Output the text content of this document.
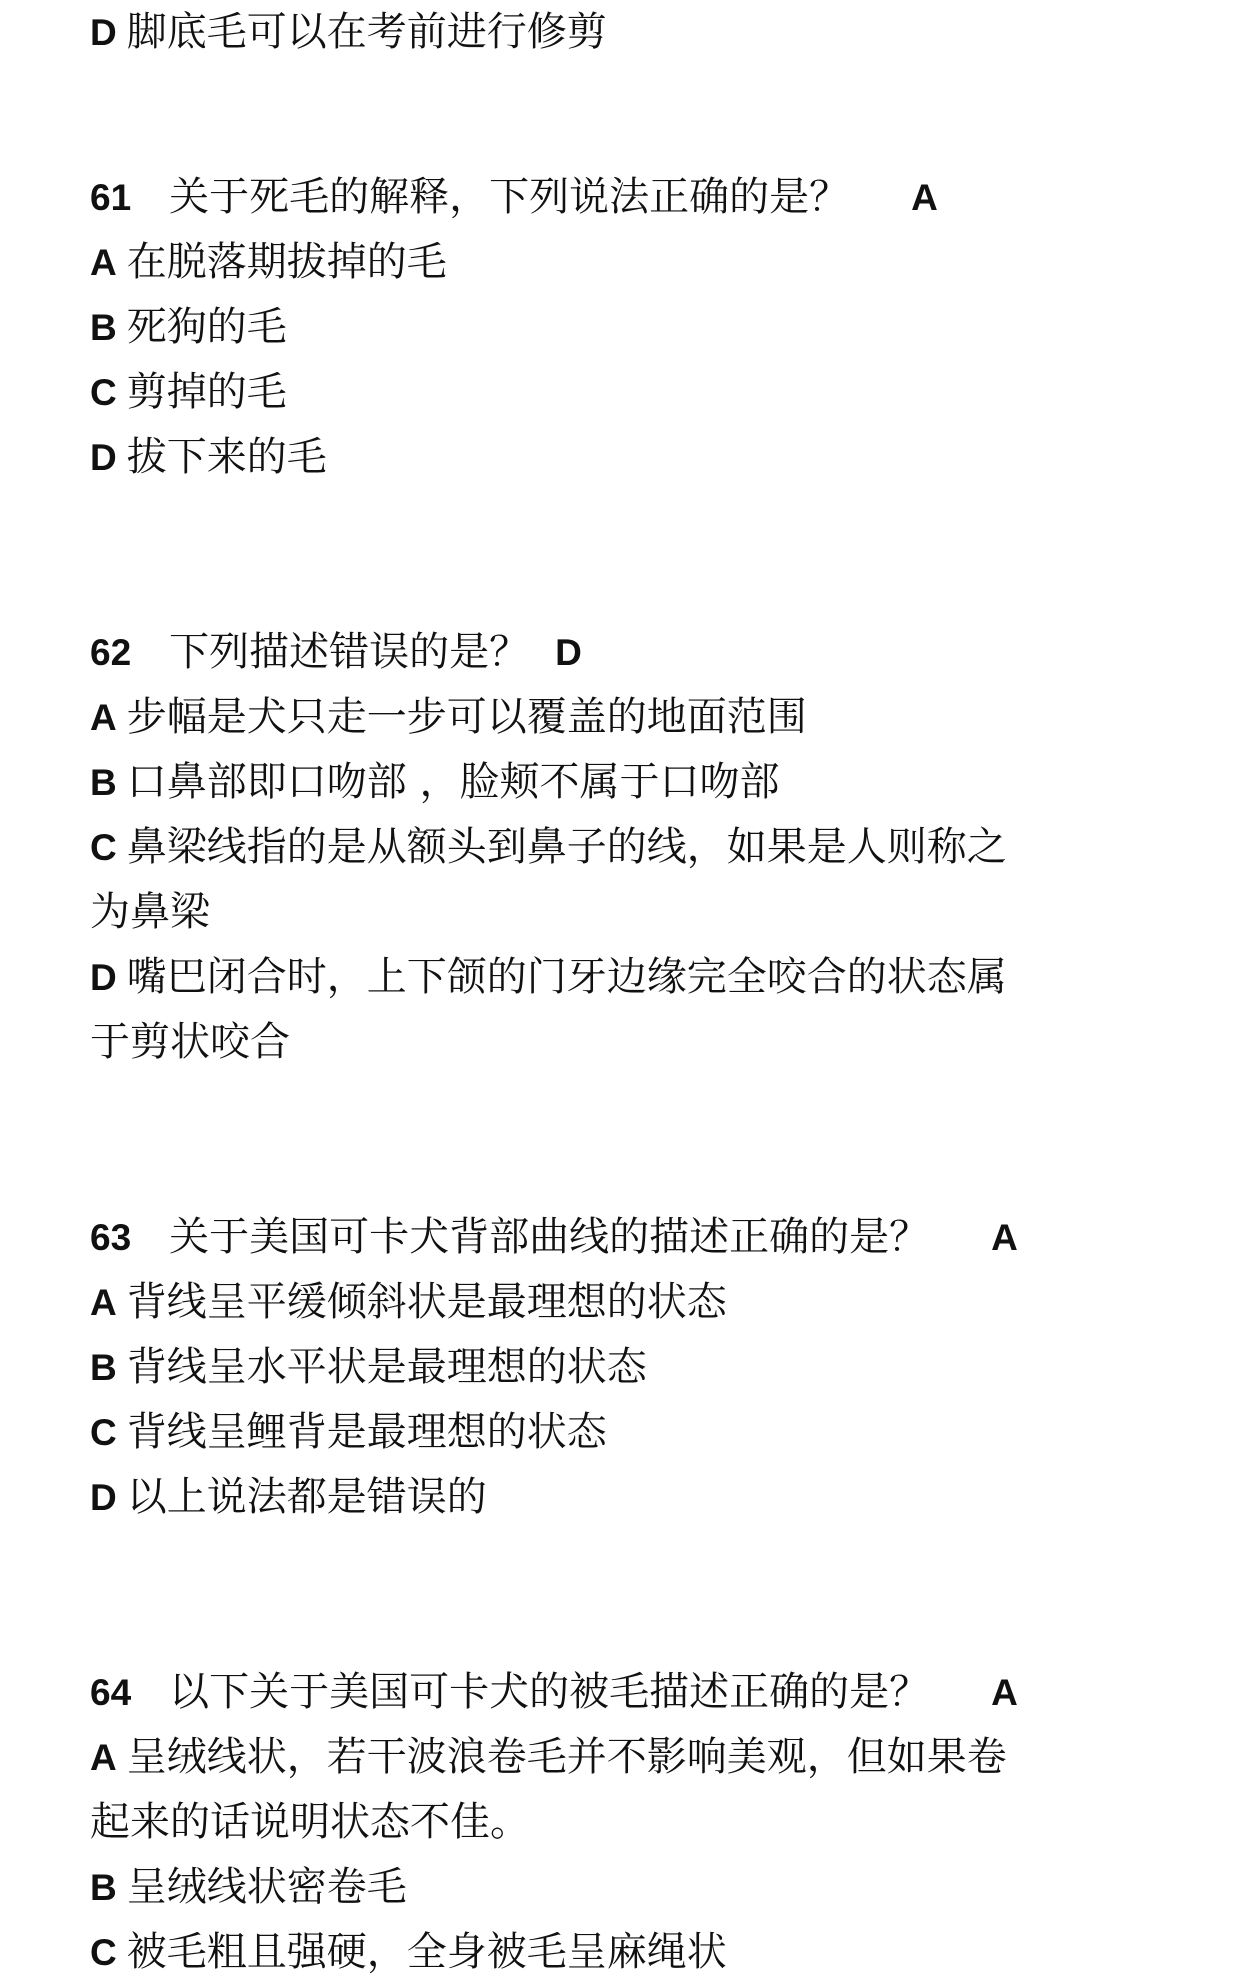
D 脚底毛可以在考前进行修剪
61 关于死毛的解释，下列说法正确的是？ A
A 在脱落期拔掉的毛
B 死狗的毛
C 剪掉的毛
D 拔下来的毛
62 下列描述错误的是？ D
A 步幅是犬只走一步可以覆盖的地面范围
B 口鼻部即口吻部 ，脸颊不属于口吻部
C 鼻梁线指的是从额头到鼻子的线，如果是人则称之
为鼻梁
D 嘴巴闭合时，上下颌的门牙边缘完全咬合的状态属
于剪状咬合
63 关于美国可卡犬背部曲线的描述正确的是？ A
A 背线呈平缓倾斜状是最理想的状态
B 背线呈水平状是最理想的状态
C 背线呈鲤背是最理想的状态
D 以上说法都是错误的
64 以下关于美国可卡犬的被毛描述正确的是？ A
A 呈绒线状，若干波浪卷毛并不影响美观，但如果卷
起来的话说明状态不佳。
B 呈绒线状密卷毛
C 被毛粗且强硬，全身被毛呈麻绳状
